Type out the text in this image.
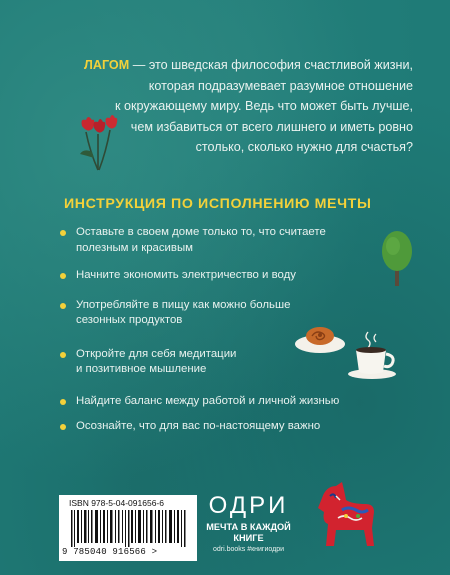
ЛАГОМ — это шведская философия счастливой жизни,
которая подразумевает разумное отношение
к окружающему миру. Ведь что может быть лучше,
чем избавиться от всего лишнего и иметь ровно
столько, сколько нужно для счастья?
ИНСТРУКЦИЯ ПО ИСПОЛНЕНИЮ МЕЧТЫ
Оставьте в своем доме только то, что считаете
полезным и красивым
Начните экономить электричество и воду
Употребляйте в пищу как можно больше
сезонных продуктов
Откройте для себя медитации
и позитивное мышление
Найдите баланс между работой и личной жизнью
Осознайте, что для вас по-настоящему важно
ISBN 978-5-04-091656-6
9 785040 916566 >
ОДРИ
МЕЧТА В КАЖДОЙ
КНИГЕ
odri.books #книгиодри
